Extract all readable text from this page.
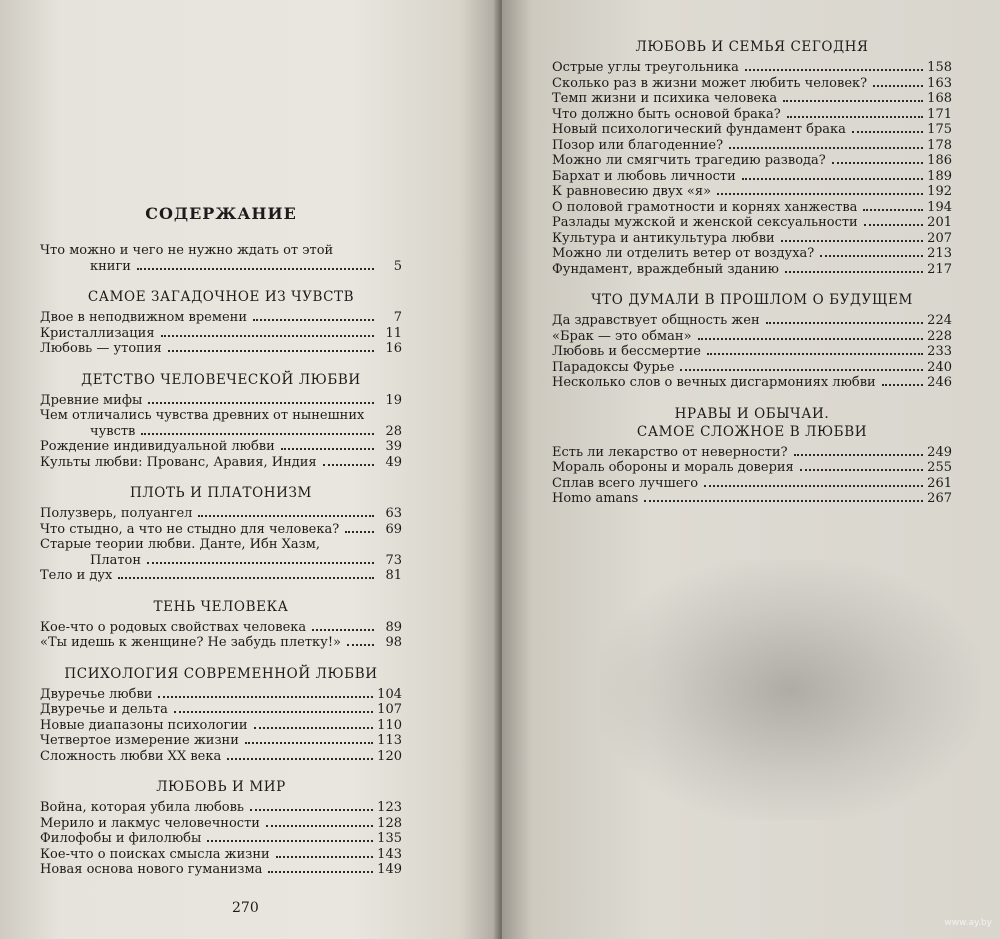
СОДЕРЖАНИЕ
Что можно и чего не нужно ждать от этой
книги	5
САМОЕ ЗАГАДОЧНОЕ ИЗ ЧУВСТВ
Двое в неподвижном времени	7
Кристаллизация	11
Любовь — утопия	16
ДЕТСТВО ЧЕЛОВЕЧЕСКОЙ ЛЮБВИ
Древние мифы	19
Чем отличались чувства древних от нынешних
чувств	28
Рождение индивидуальной любви	39
Культы любви: Прованс, Аравия, Индия	49
ПЛОТЬ И ПЛАТОНИЗМ
Полузверь, полуангел	63
Что стыдно, а что не стыдно для человека?	69
Старые теории любви. Данте, Ибн Хазм,
Платон	73
Тело и дух	81
ТЕНЬ ЧЕЛОВЕКА
Кое-что о родовых свойствах человека	89
«Ты идешь к женщине? Не забудь плетку!»	98
ПСИХОЛОГИЯ СОВРЕМЕННОЙ ЛЮБВИ
Двуречье любви	104
Двуречье и дельта	107
Новые диапазоны психологии	110
Четвертое измерение жизни	113
Сложность любви XX века	120
ЛЮБОВЬ И МИР
Война, которая убила любовь	123
Мерило и лакмус человечности	128
Филофобы и филолюбы	135
Кое-что о поисках смысла жизни	143
Новая основа нового гуманизма	149
270
ЛЮБОВЬ И СЕМЬЯ СЕГОДНЯ
Острые углы треугольника	158
Сколько раз в жизни может любить человек?	163
Темп жизни и психика человека	168
Что должно быть основой брака?	171
Новый психологический фундамент брака	175
Позор или благоденние?	178
Можно ли смягчить трагедию развода?	186
Бархат и любовь личности	189
К равновесию двух «я»	192
О половой грамотности и корнях ханжества	194
Разлады мужской и женской сексуальности	201
Культура и антикультура любви	207
Можно ли отделить ветер от воздуха?	213
Фундамент, враждебный зданию	217
ЧТО ДУМАЛИ В ПРОШЛОМ О БУДУЩЕМ
Да здравствует общность жен	224
«Брак — это обман»	228
Любовь и бессмертие	233
Парадоксы Фурье	240
Несколько слов о вечных дисгармониях любви	246
НРАВЫ И ОБЫЧАИ.
САМОЕ СЛОЖНОЕ В ЛЮБВИ
Есть ли лекарство от неверности?	249
Мораль обороны и мораль доверия	255
Сплав всего лучшего	261
Homo amans	267
www.ay.by
